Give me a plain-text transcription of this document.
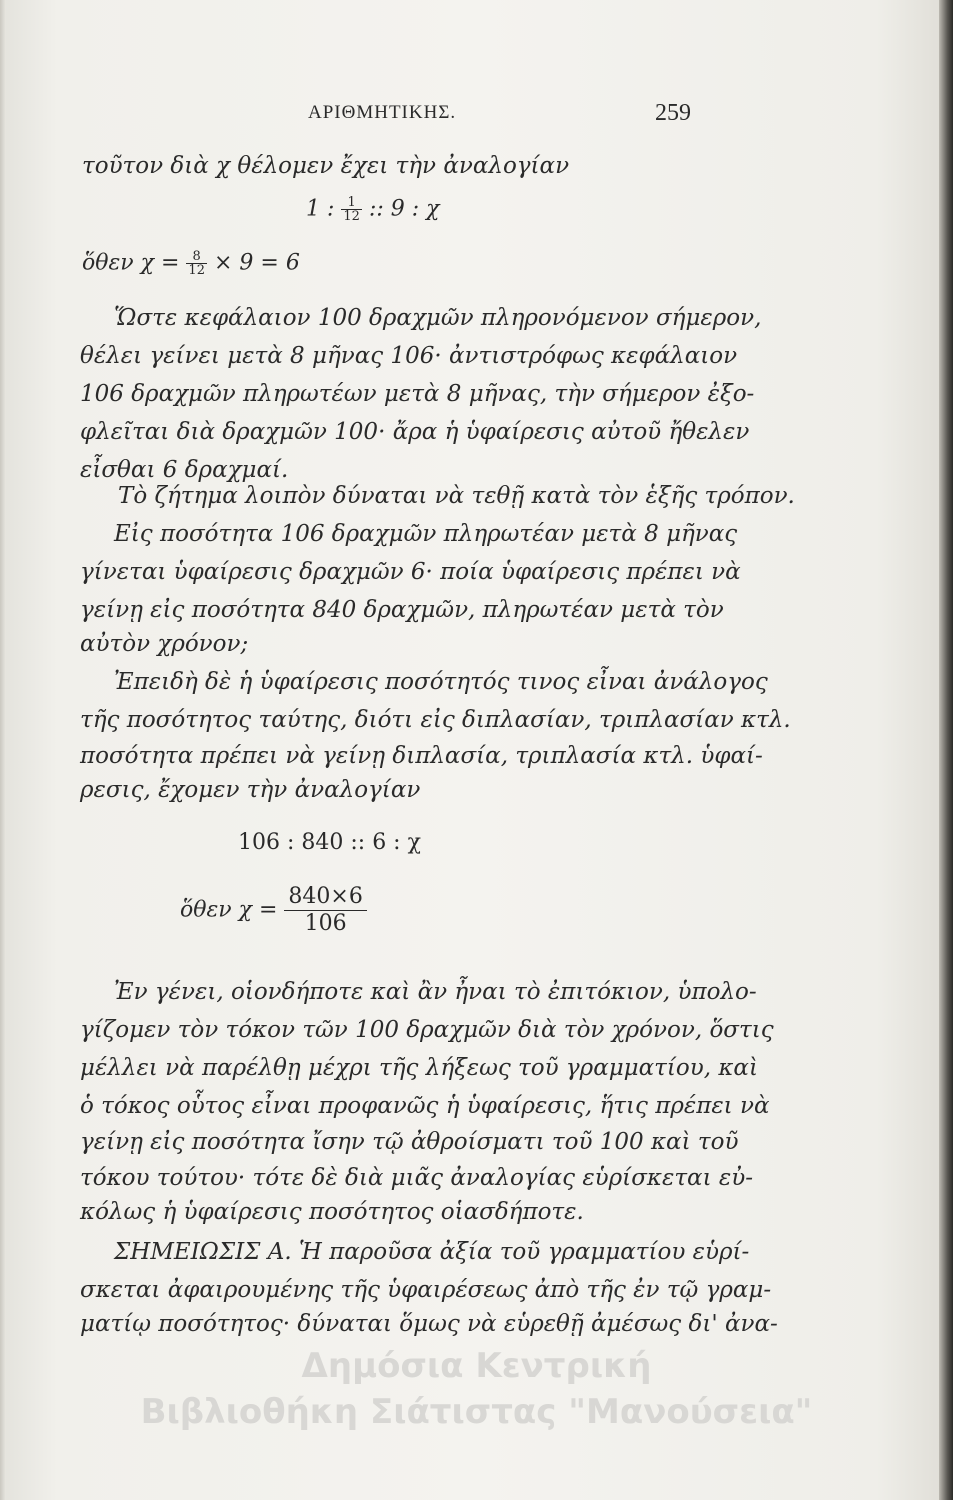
ΑΡΙΘΜΗΤΙΚΗΣ.	259
τοῦτον διὰ χ θέλομεν ἔχει τὴν ἀναλογίαν
1 : $\frac{1}{12}$ :: 9 : χ
ὅθεν $\chi = \frac{8}{12} \times 9 = 6$
Ὥστε κεφάλαιον 100 δραχμῶν πληρονόμενον σήμερον,
θέλει γείνει μετὰ 8 μῆνας 106· ἀντιστρόφως κεφάλαιον
106 δραχμῶν πληρωτέων μετὰ 8 μῆνας, τὴν σήμερον ἐξο-
φλεῖται διὰ δραχμῶν 100· ἄρα ἡ ὑφαίρεσις αὐτοῦ ἤθελεν
εἶσθαι 6 δραχμαί.
Τὸ ζήτημα λοιπὸν δύναται νὰ τεθῇ κατὰ τὸν ἑξῆς τρόπον.
Εἰς ποσότητα 106 δραχμῶν πληρωτέαν μετὰ 8 μῆνας
γίνεται ὑφαίρεσις δραχμῶν 6· ποία ὑφαίρεσις πρέπει νὰ
γείνῃ εἰς ποσότητα 840 δραχμῶν, πληρωτέαν μετὰ τὸν
αὐτὸν χρόνον;
Ἐπειδὴ δὲ ἡ ὑφαίρεσις ποσότητός τινος εἶναι ἀνάλογος
τῆς ποσότητος ταύτης, διότι εἰς διπλασίαν, τριπλασίαν κτλ.
ποσότητα πρέπει νὰ γείνῃ διπλασία, τριπλασία κτλ. ὑφαί-
ρεσις, ἔχομεν τὴν ἀναλογίαν
106 : 840 :: 6 : χ
ὅθεν $\chi = \frac{840\times 6}{106}$
Ἐν γένει, οἱονδήποτε καὶ ἂν ἦναι τὸ ἐπιτόκιον, ὑπολο-
γίζομεν τὸν τόκον τῶν 100 δραχμῶν διὰ τὸν χρόνον, ὅστις
μέλλει νὰ παρέλθῃ μέχρι τῆς λήξεως τοῦ γραμματίου, καὶ
ὁ τόκος οὗτος εἶναι προφανῶς ἡ ὑφαίρεσις, ἥτις πρέπει νὰ
γείνῃ εἰς ποσότητα ἴσην τῷ ἀθροίσματι τοῦ 100 καὶ τοῦ
τόκου τούτου· τότε δὲ διὰ μιᾶς ἀναλογίας εὑρίσκεται εὐ-
κόλως ἡ ὑφαίρεσις ποσότητος οἱασδήποτε.
ΣΗΜΕΙΩΣΙΣ Α. Ἡ παροῦσα ἀξία τοῦ γραμματίου εὑρί-
σκεται ἀφαιρουμένης τῆς ὑφαιρέσεως ἀπὸ τῆς ἐν τῷ γραμ-
ματίῳ ποσότητος· δύναται ὅμως νὰ εὑρεθῇ ἀμέσως δι' ἀνα-
Δημόσια Κεντρική
Βιβλιοθήκη Σιάτιστας "Μανούσεια"
